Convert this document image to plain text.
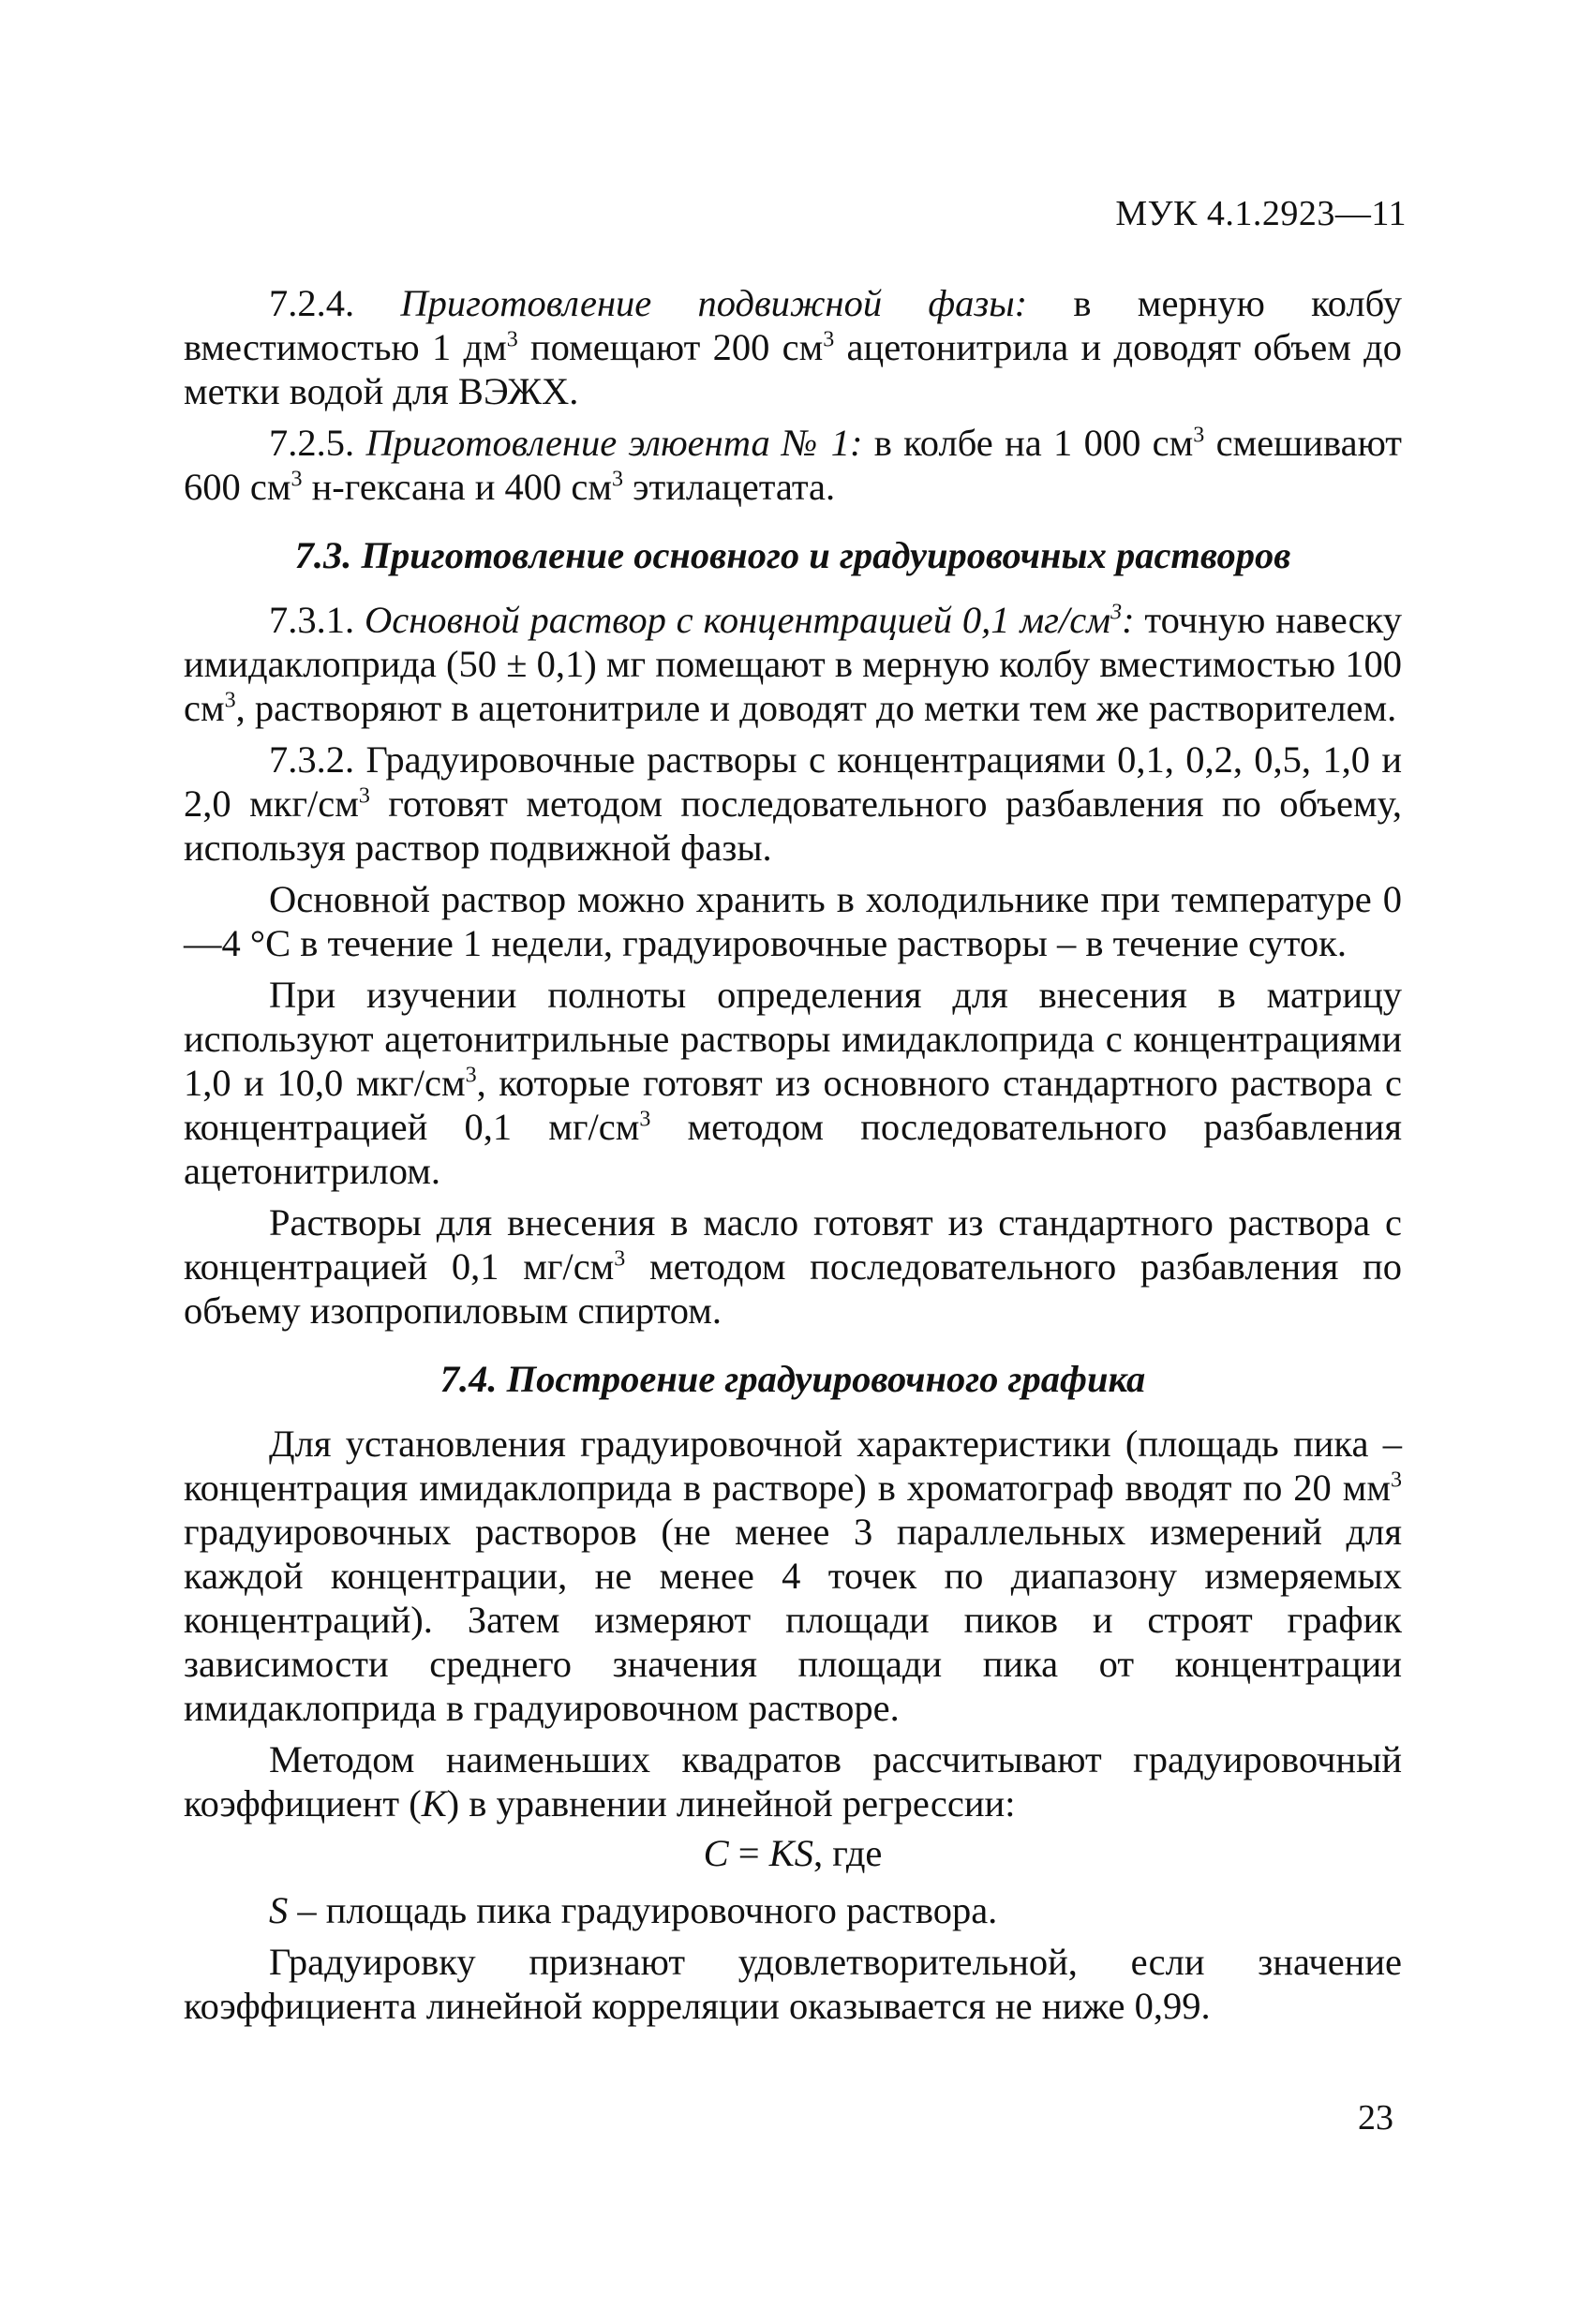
МУК 4.1.2923—11

7.2.4. Приготовление подвижной фазы: в мерную колбу вместимостью 1 $дм^3$ помещают 200 $см^3$ ацетонитрила и доводят объем до метки водой для ВЭЖХ.

7.2.5. Приготовление элюента № 1: в колбе на 1 000 $см^3$ смешивают 600 $см^3$ н-гексана и 400 $см^3$ этилацетата.

7.3. Приготовление основного и градуировочных растворов

7.3.1. Основной раствор с концентрацией 0,1 $мг/см^3$: точную навеску имидаклоприда (50 ± 0,1) мг помещают в мерную колбу вместимостью 100 $см^3$, растворяют в ацетонитриле и доводят до метки тем же растворителем.

7.3.2. Градуировочные растворы с концентрациями 0,1, 0,2, 0,5, 1,0 и 2,0 мкг/$см^3$ готовят методом последовательного разбавления по объему, используя раствор подвижной фазы.

Основной раствор можно хранить в холодильнике при температуре 0—4 °С в течение 1 недели, градуировочные растворы – в течение суток.

При изучении полноты определения для внесения в матрицу используют ацетонитрильные растворы имидаклоприда с концентрациями 1,0 и 10,0 мкг/$см^3$, которые готовят из основного стандартного раствора с концентрацией 0,1 $мг/см^3$ методом последовательного разбавления ацетонитрилом.

Растворы для внесения в масло готовят из стандартного раствора с концентрацией 0,1 $мг/см^3$ методом последовательного разбавления по объему изопропиловым спиртом.

7.4. Построение градуировочного графика

Для установления градуировочной характеристики (площадь пика – концентрация имидаклоприда в растворе) в хроматограф вводят по 20 $мм^3$ градуировочных растворов (не менее 3 параллельных измерений для каждой концентрации, не менее 4 точек по диапазону измеряемых концентраций). Затем измеряют площади пиков и строят график зависимости среднего значения площади пика от концентрации имидаклоприда в градуировочном растворе.

Методом наименьших квадратов рассчитывают градуировочный коэффициент (К) в уравнении линейной регрессии:

С = KS, где

S – площадь пика градуировочного раствора.

Градуировку признают удовлетворительной, если значение коэффициента линейной корреляции оказывается не ниже 0,99.

23
